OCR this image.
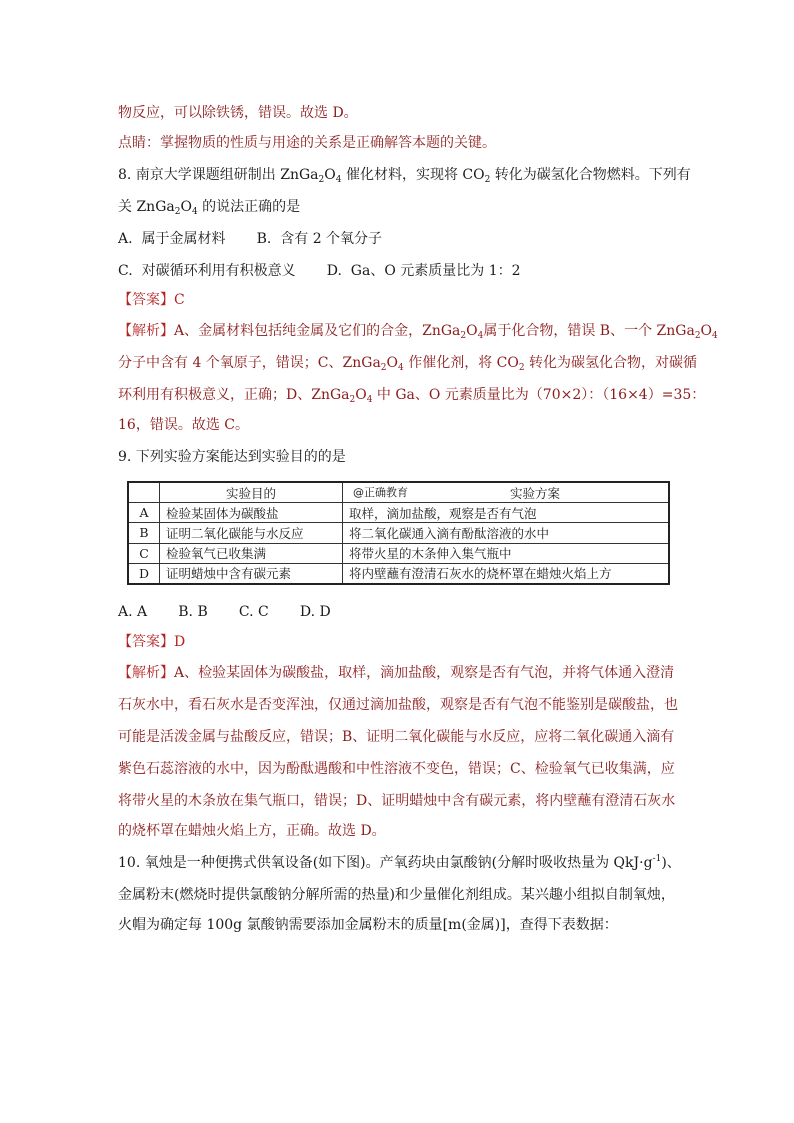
物反应，可以除铁锈，错误。故选 D。
点睛：掌握物质的性质与用途的关系是正确解答本题的关键。
8. 南京大学课题组研制出 $ZnGa_2O_4$ 催化材料，实现将 $CO_2$ 转化为碳氢化合物燃料。下列有
关 $ZnGa_2O_4$ 的说法正确的是
A.  属于金属材料       B.  含有 2 个氧分子
C.  对碳循环利用有积极意义       D.  Ga、O 元素质量比为 1：2
【答案】C
【解析】A、金属材料包括纯金属及它们的合金，$ZnGa_2O_4$属于化合物，错误 B、一个 $ZnGa_2O_4$
分子中含有 4 个氧原子，错误；C、$ZnGa_2O_4$ 作催化剂，将 $CO_2$ 转化为碳氢化合物，对碳循
环利用有积极意义，正确；D、$ZnGa_2O_4$ 中 Ga、O 元素质量比为（70×2）：（16×4）=35：
16，错误。故选 C。
9. 下列实验方案能达到实验目的的是
	实验目的	@正确教育 实验方案
A	检验某固体为碳酸盐	取样，滴加盐酸，观察是否有气泡
B	证明二氧化碳能与水反应	将二氧化碳通入滴有酚酞溶液的水中
C	检验氧气已收集满	将带火星的木条伸入集气瓶中
D	证明蜡烛中含有碳元素	将内壁蘸有澄清石灰水的烧杯罩在蜡烛火焰上方
A. A       B. B       C. C       D. D
【答案】D
【解析】A、检验某固体为碳酸盐，取样，滴加盐酸，观察是否有气泡，并将气体通入澄清
石灰水中，看石灰水是否变浑浊，仅通过滴加盐酸，观察是否有气泡不能鉴别是碳酸盐，也
可能是活泼金属与盐酸反应，错误；B、证明二氧化碳能与水反应，应将二氧化碳通入滴有
紫色石蕊溶液的水中，因为酚酞遇酸和中性溶液不变色，错误；C、检验氧气已收集满，应
将带火星的木条放在集气瓶口，错误；D、证明蜡烛中含有碳元素，将内壁蘸有澄清石灰水
的烧杯罩在蜡烛火焰上方，正确。故选 D。
10. 氧烛是一种便携式供氧设备(如下图)。产氧药块由氯酸钠(分解时吸收热量为 $QkJ\cdot g^{-1}$)、
金属粉末(燃烧时提供氯酸钠分解所需的热量)和少量催化剂组成。某兴趣小组拟自制氧烛，
火帽为确定每 100g 氯酸钠需要添加金属粉末的质量[m(金属)]，查得下表数据：
